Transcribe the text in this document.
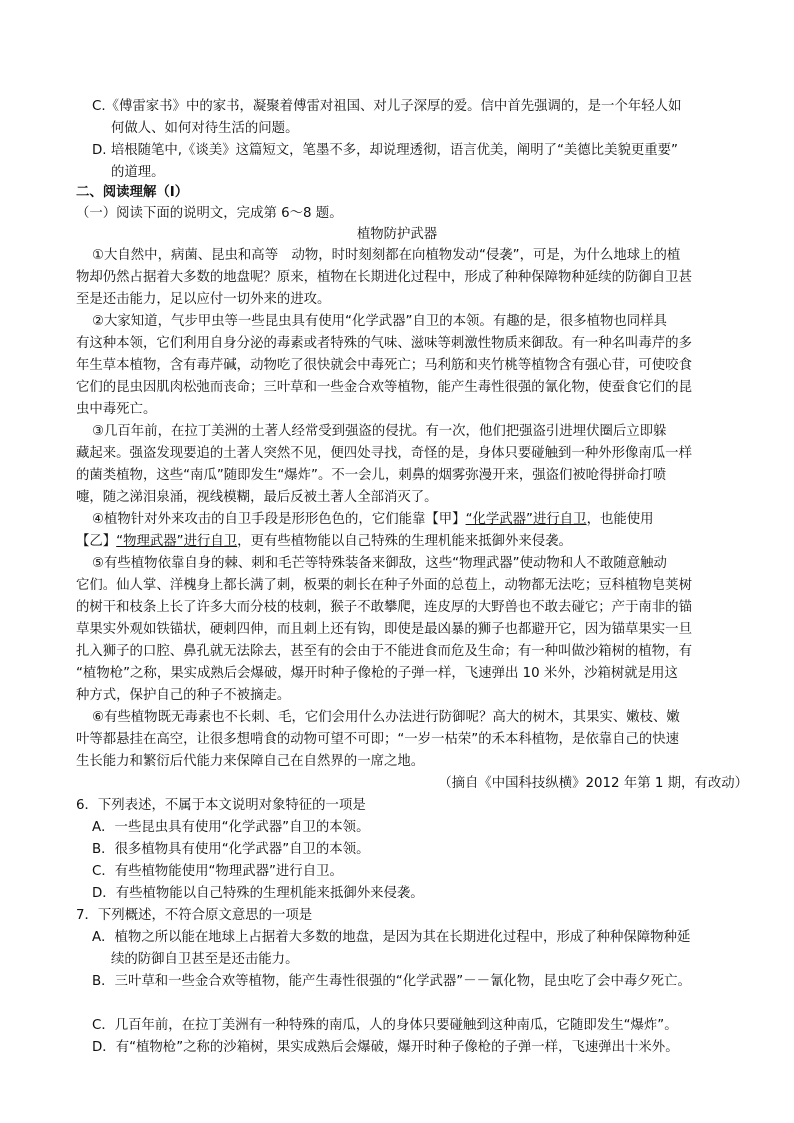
C.《傅雷家书》中的家书，凝聚着傅雷对祖国、对儿子深厚的爱。信中首先强调的，是一个年轻人如
何做人、如何对待生活的问题。
D. 培根随笔中,《谈美》这篇短文，笔墨不多，却说理透彻，语言优美，阐明了“美德比美貌更重要”
的道理。
二、阅读理解（I）
（一）阅读下面的说明文，完成第 6～8 题。
植物防护武器
①大自然中，病菌、昆虫和高等　动物，时时刻刻都在向植物发动“侵袭”，可是，为什么地球上的植
物却仍然占据着大多数的地盘呢？原来，植物在长期进化过程中，形成了种种保障物种延续的防御自卫甚
至是还击能力，足以应付一切外来的进攻。
②大家知道，气步甲虫等一些昆虫具有使用“化学武器”自卫的本领。有趣的是，很多植物也同样具
有这种本领，它们利用自身分泌的毒素或者特殊的气味、滋味等刺激性物质来御敌。有一种名叫毒芹的多
年生草本植物，含有毒芹碱，动物吃了很快就会中毒死亡；马利筋和夹竹桃等植物含有强心苷，可使咬食
它们的昆虫因肌肉松弛而丧命；三叶草和一些金合欢等植物，能产生毒性很强的氰化物，使蚕食它们的昆
虫中毒死亡。
③几百年前，在拉丁美洲的土著人经常受到强盗的侵扰。有一次，他们把强盗引进埋伏圈后立即躲
藏起来。强盗发现要追的土著人突然不见，便四处寻找，奇怪的是，身体只要碰触到一种外形像南瓜一样
的菌类植物，这些“南瓜”随即发生“爆炸”。不一会儿，刺鼻的烟雾弥漫开来，强盗们被呛得拼命打喷
嚏，随之涕泪泉涌，视线模糊，最后反被土著人全部消灭了。
④植物针对外来攻击的自卫手段是形形色色的，它们能靠【甲】“化学武器”进行自卫，也能使用
【乙】“物理武器”进行自卫，更有些植物能以自己特殊的生理机能来抵御外来侵袭。
⑤有些植物依靠自身的棘、刺和毛芒等特殊装备来御敌，这些“物理武器”使动物和人不敢随意触动
它们。仙人掌、洋槐身上都长满了刺，板栗的刺长在种子外面的总苞上，动物都无法吃；豆科植物皂荚树
的树干和枝条上长了许多大而分枝的枝刺，猴子不敢攀爬，连皮厚的大野兽也不敢去碰它；产于南非的锚
草果实外观如铁锚状，硬刺四伸，而且刺上还有钩，即使是最凶暴的狮子也都避开它，因为锚草果实一旦
扎入狮子的口腔、鼻孔就无法除去，甚至有的会由于不能进食而危及生命；有一种叫做沙箱树的植物，有
“植物枪”之称，果实成熟后会爆破，爆开时种子像枪的子弹一样，飞速弹出 10 米外，沙箱树就是用这
种方式，保护自己的种子不被摘走。
⑥有些植物既无毒素也不长刺、毛，它们会用什么办法进行防御呢？高大的树木，其果实、嫩枝、嫩
叶等都悬挂在高空，让很多想啃食的动物可望不可即；“一岁一枯荣”的禾本科植物，是依靠自己的快速
生长能力和繁衍后代能力来保障自己在自然界的一席之地。
（摘自《中国科技纵横》2012 年第 1 期，有改动）
6．下列表述，不属于本文说明对象特征的一项是
A．一些昆虫具有使用“化学武器”自卫的本领。
B．很多植物具有使用“化学武器”自卫的本领。
C．有些植物能使用“物理武器”进行自卫。
D．有些植物能以自己特殊的生理机能来抵御外来侵袭。
7．下列概述，不符合原文意思的一项是
A．植物之所以能在地球上占据着大多数的地盘，是因为其在长期进化过程中，形成了种种保障物种延
续的防御自卫甚至是还击能力。
B．三叶草和一些金合欢等植物，能产生毒性很强的“化学武器”－－氰化物，昆虫吃了会中毒夕死亡。
C．几百年前，在拉丁美洲有一种特殊的南瓜，人的身体只要碰触到这种南瓜，它随即发生“爆炸”。
D．有“植物枪”之称的沙箱树，果实成熟后会爆破，爆开时种子像枪的子弹一样，飞速弹出十米外。
